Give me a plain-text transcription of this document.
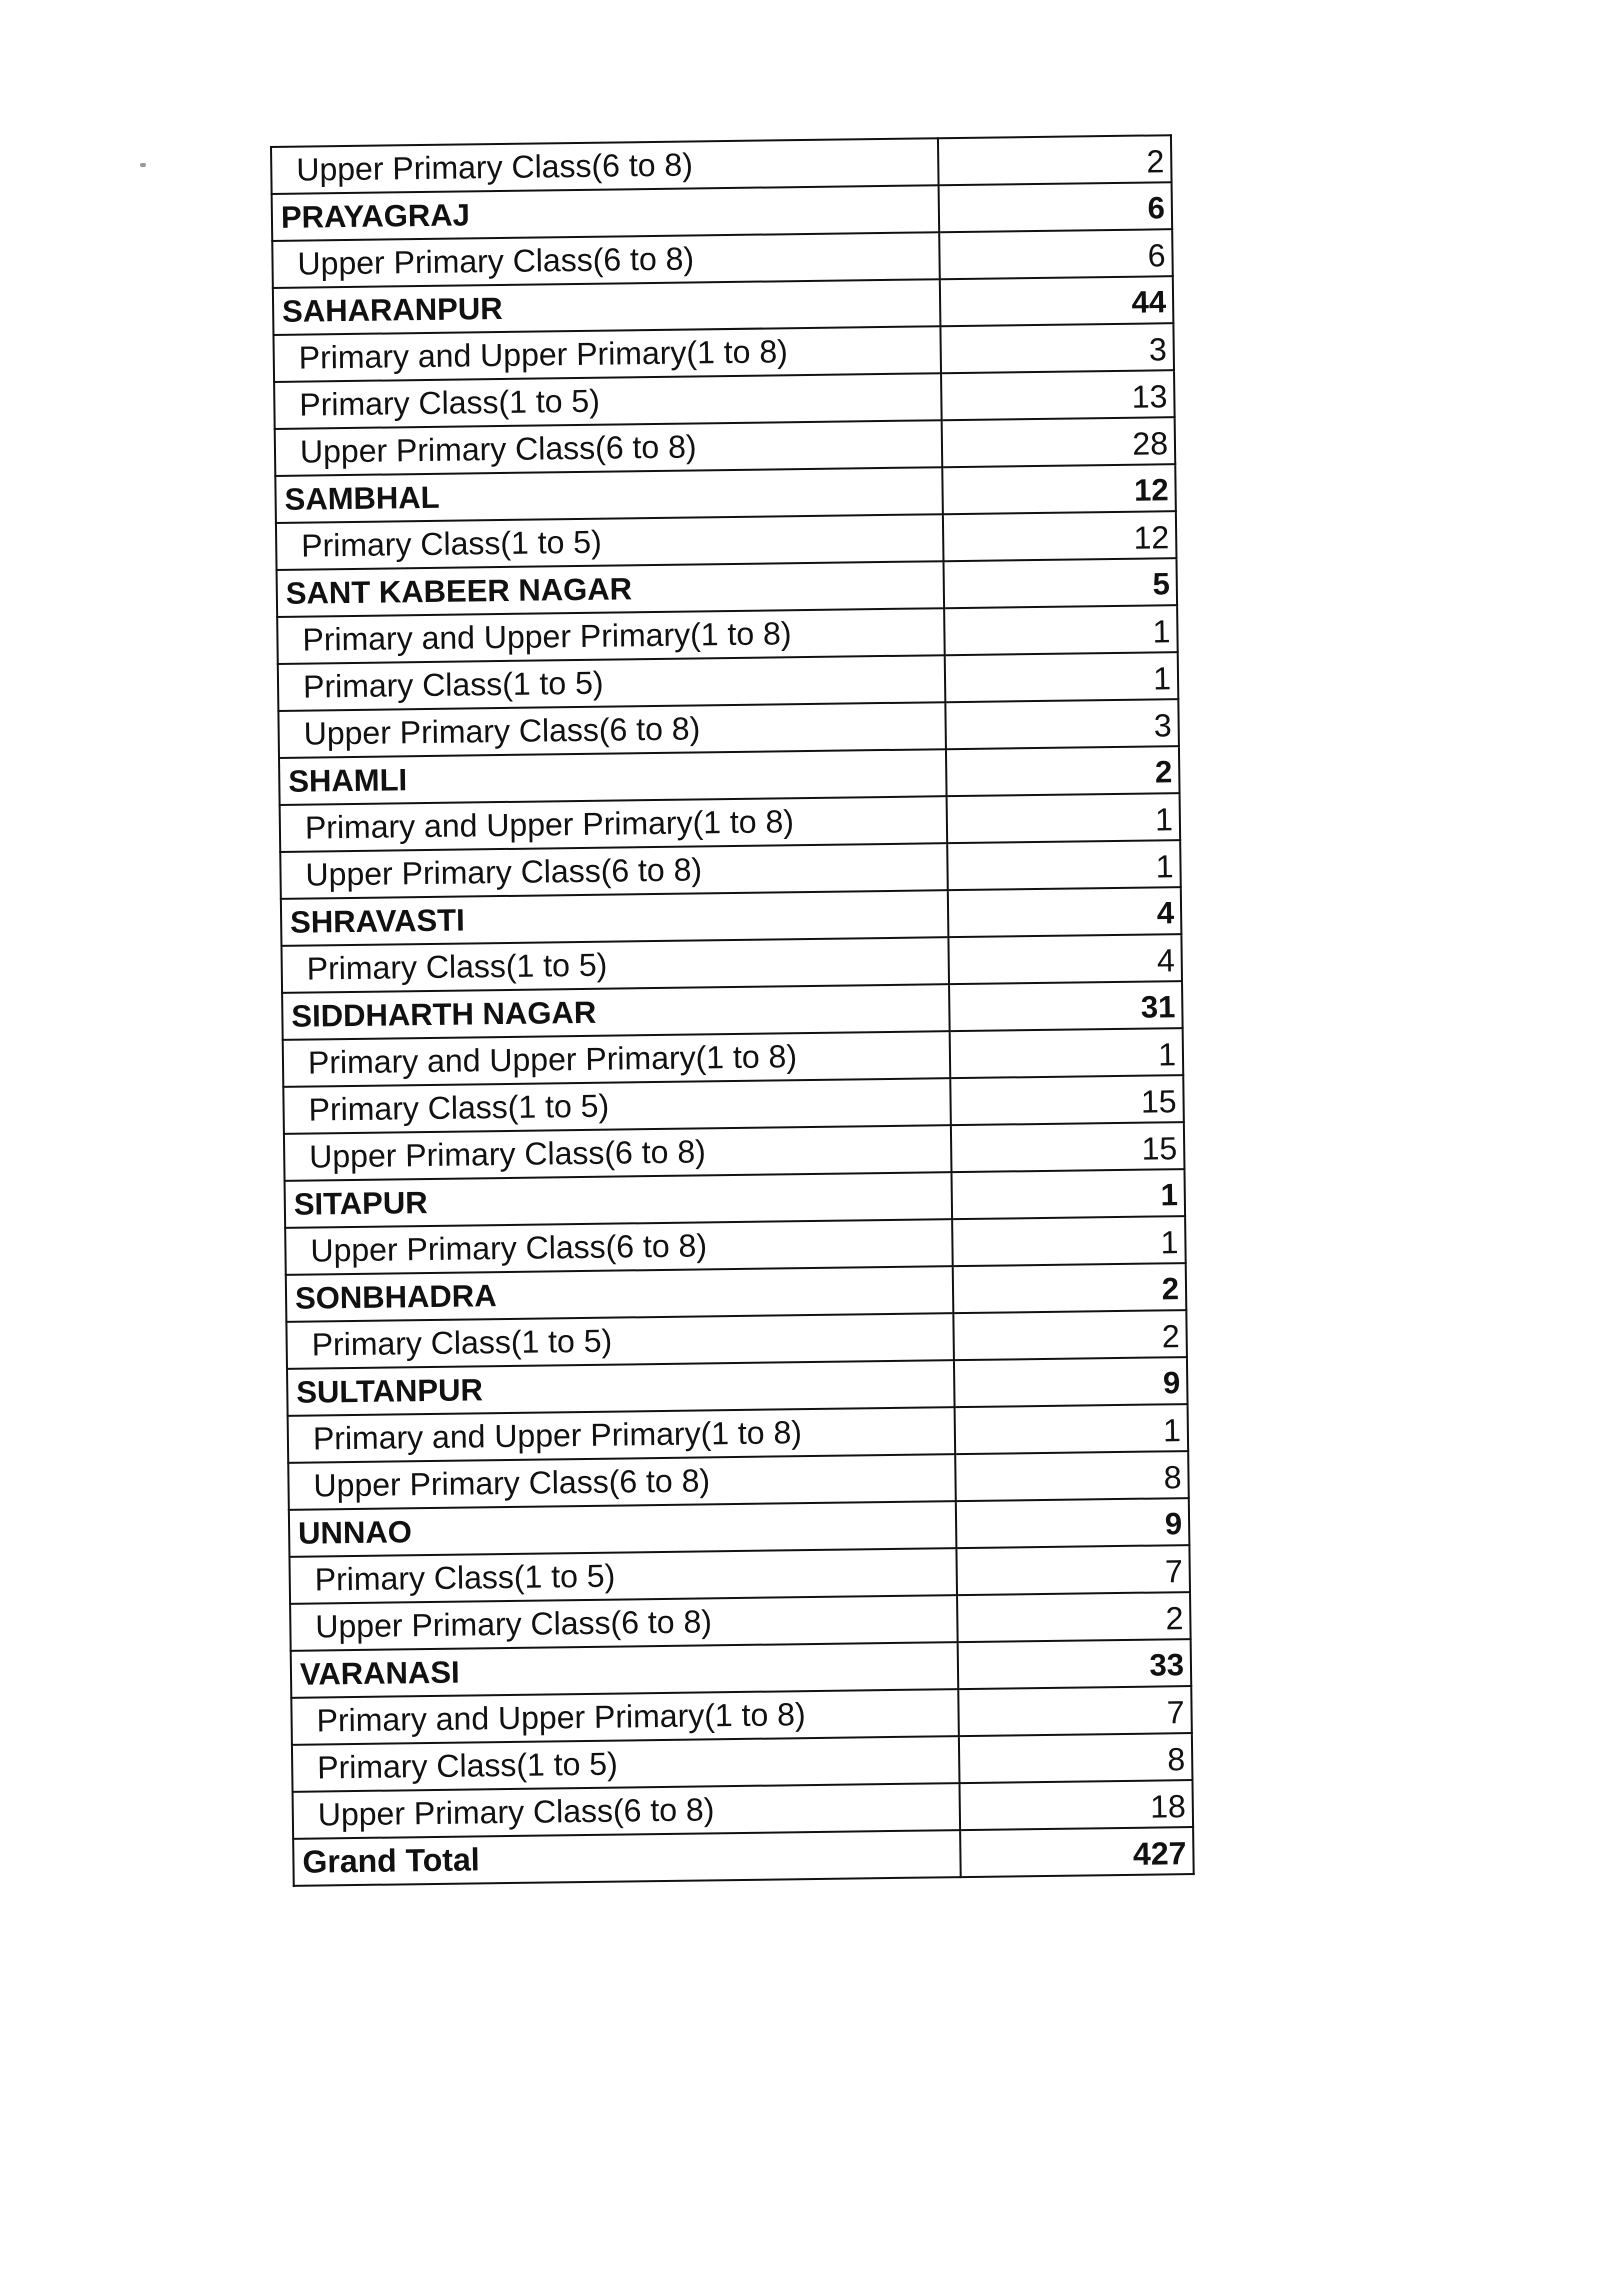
Upper Primary Class(6 to 8)	2
PRAYAGRAJ	6
Upper Primary Class(6 to 8)	6
SAHARANPUR	44
Primary and Upper Primary(1 to 8)	3
Primary Class(1 to 5)	13
Upper Primary Class(6 to 8)	28
SAMBHAL	12
Primary Class(1 to 5)	12
SANT KABEER NAGAR	5
Primary and Upper Primary(1 to 8)	1
Primary Class(1 to 5)	1
Upper Primary Class(6 to 8)	3
SHAMLI	2
Primary and Upper Primary(1 to 8)	1
Upper Primary Class(6 to 8)	1
SHRAVASTI	4
Primary Class(1 to 5)	4
SIDDHARTH NAGAR	31
Primary and Upper Primary(1 to 8)	1
Primary Class(1 to 5)	15
Upper Primary Class(6 to 8)	15
SITAPUR	1
Upper Primary Class(6 to 8)	1
SONBHADRA	2
Primary Class(1 to 5)	2
SULTANPUR	9
Primary and Upper Primary(1 to 8)	1
Upper Primary Class(6 to 8)	8
UNNAO	9
Primary Class(1 to 5)	7
Upper Primary Class(6 to 8)	2
VARANASI	33
Primary and Upper Primary(1 to 8)	7
Primary Class(1 to 5)	8
Upper Primary Class(6 to 8)	18
Grand Total	427
